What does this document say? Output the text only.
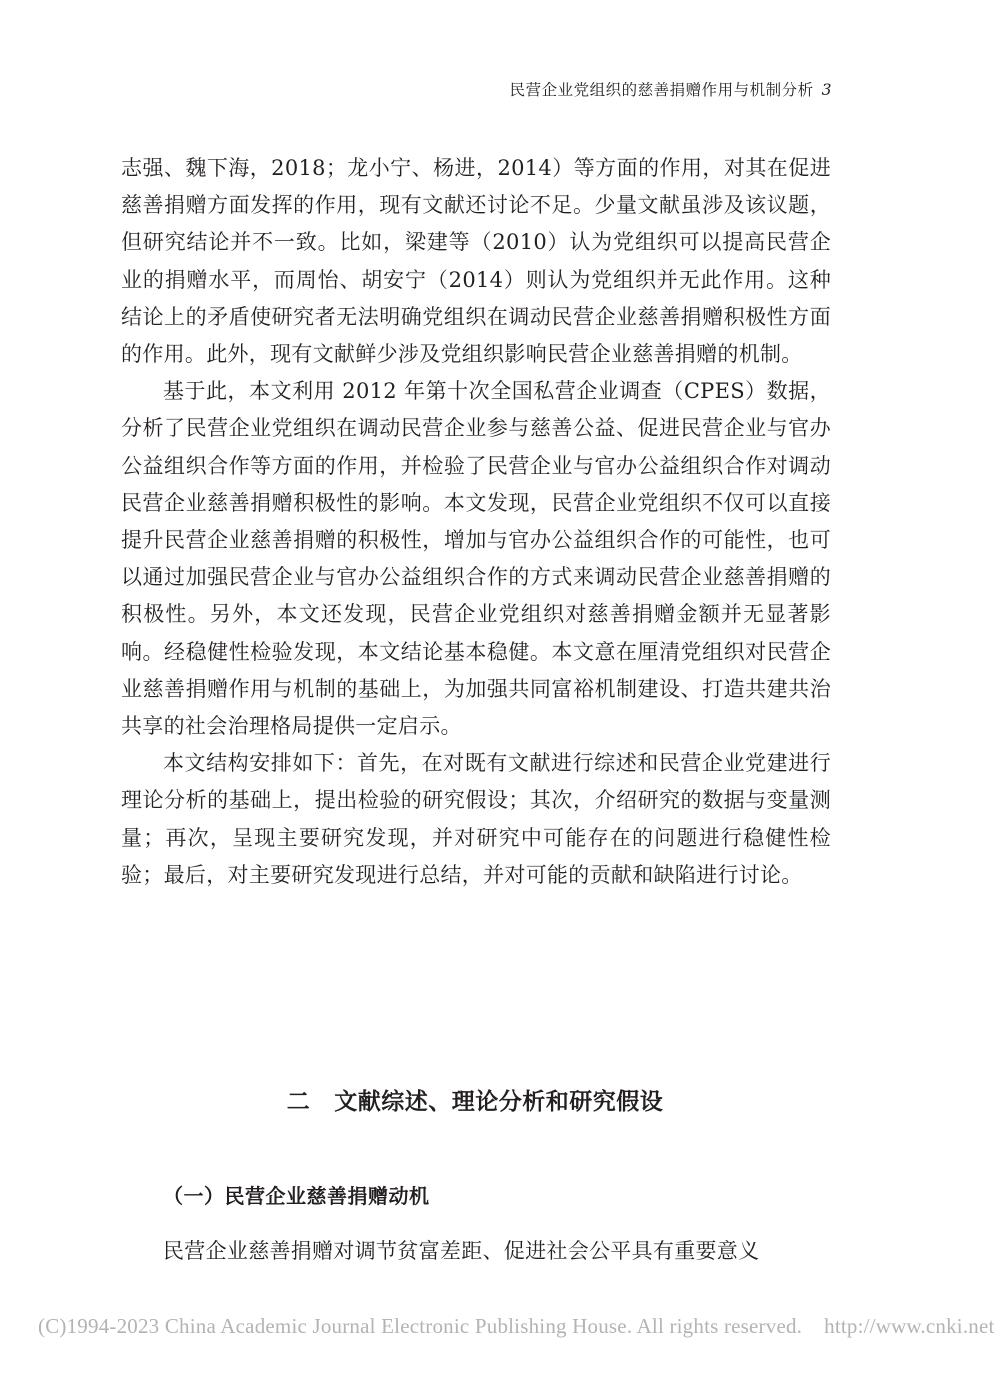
民营企业党组织的慈善捐赠作用与机制分析 3

志强、魏下海，2018；龙小宁、杨进，2014）等方面的作用，对其在促进慈善捐赠方面发挥的作用，现有文献还讨论不足。少量文献虽涉及该议题，但研究结论并不一致。比如，梁建等（2010）认为党组织可以提高民营企业的捐赠水平，而周怡、胡安宁（2014）则认为党组织并无此作用。这种结论上的矛盾使研究者无法明确党组织在调动民营企业慈善捐赠积极性方面的作用。此外，现有文献鲜少涉及党组织影响民营企业慈善捐赠的机制。

基于此，本文利用 2012 年第十次全国私营企业调查（CPES）数据，分析了民营企业党组织在调动民营企业参与慈善公益、促进民营企业与官办公益组织合作等方面的作用，并检验了民营企业与官办公益组织合作对调动民营企业慈善捐赠积极性的影响。本文发现，民营企业党组织不仅可以直接提升民营企业慈善捐赠的积极性，增加与官办公益组织合作的可能性，也可以通过加强民营企业与官办公益组织合作的方式来调动民营企业慈善捐赠的积极性。另外，本文还发现，民营企业党组织对慈善捐赠金额并无显著影响。经稳健性检验发现，本文结论基本稳健。本文意在厘清党组织对民营企业慈善捐赠作用与机制的基础上，为加强共同富裕机制建设、打造共建共治共享的社会治理格局提供一定启示。

本文结构安排如下：首先，在对既有文献进行综述和民营企业党建进行理论分析的基础上，提出检验的研究假设；其次，介绍研究的数据与变量测量；再次，呈现主要研究发现，并对研究中可能存在的问题进行稳健性检验；最后，对主要研究发现进行总结，并对可能的贡献和缺陷进行讨论。

二 文献综述、理论分析和研究假设
（一）民营企业慈善捐赠动机
民营企业慈善捐赠对调节贫富差距、促进社会公平具有重要意义
(C)1994-2023 China Academic Journal Electronic Publishing House. All rights reserved. http://www.cnki.net
